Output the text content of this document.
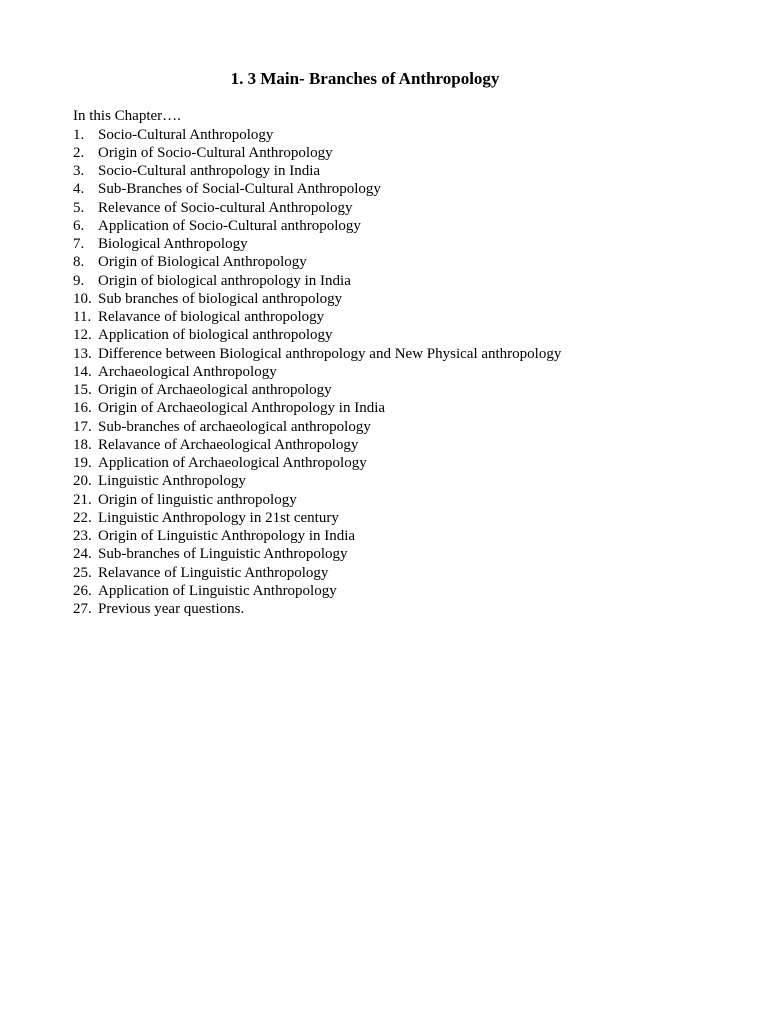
1. 3 Main- Branches of Anthropology
In this Chapter….
1. Socio-Cultural Anthropology
2. Origin of Socio-Cultural Anthropology
3. Socio-Cultural anthropology in India
4. Sub-Branches of Social-Cultural Anthropology
5. Relevance of Socio-cultural Anthropology
6. Application of Socio-Cultural anthropology
7. Biological Anthropology
8. Origin of Biological Anthropology
9. Origin of biological anthropology in India
10. Sub branches of biological anthropology
11. Relavance of biological anthropology
12. Application of biological anthropology
13. Difference between Biological anthropology and New Physical anthropology
14. Archaeological Anthropology
15. Origin of Archaeological anthropology
16. Origin of Archaeological Anthropology in India
17. Sub-branches of archaeological anthropology
18. Relavance of Archaeological Anthropology
19. Application of Archaeological Anthropology
20. Linguistic Anthropology
21. Origin of linguistic anthropology
22. Linguistic Anthropology in 21st century
23. Origin of Linguistic Anthropology in India
24. Sub-branches of Linguistic Anthropology
25. Relavance of Linguistic Anthropology
26. Application of Linguistic Anthropology
27. Previous year questions.
